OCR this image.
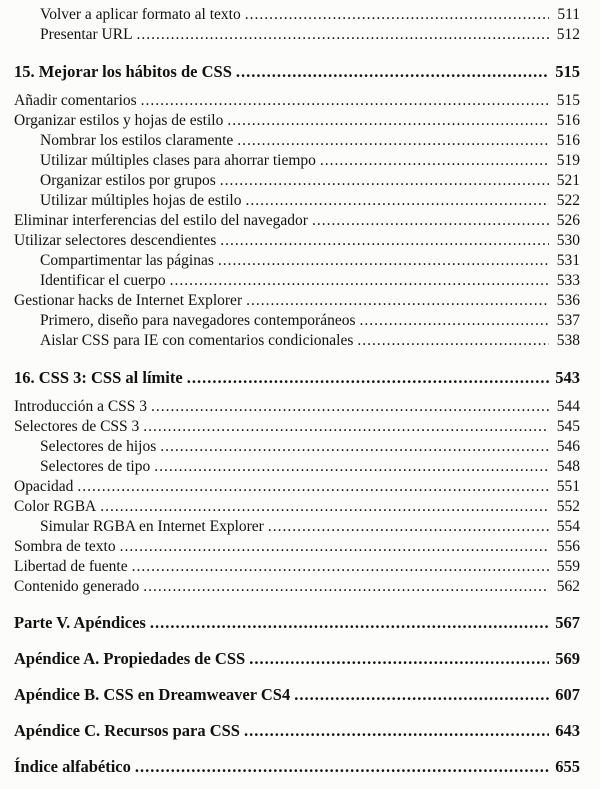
Volver a aplicar formato al texto .....	511
Presentar URL .....	512
15. Mejorar los hábitos de CSS .....	515
Añadir comentarios .....	515
Organizar estilos y hojas de estilo .....	516
Nombrar los estilos claramente .....	516
Utilizar múltiples clases para ahorrar tiempo .....	519
Organizar estilos por grupos .....	521
Utilizar múltiples hojas de estilo .....	522
Eliminar interferencias del estilo del navegador .....	526
Utilizar selectores descendientes .....	530
Compartimentar las páginas .....	531
Identificar el cuerpo .....	533
Gestionar hacks de Internet Explorer .....	536
Primero, diseño para navegadores contemporáneos .....	537
Aislar CSS para IE con comentarios condicionales .....	538
16. CSS 3: CSS al límite .....	543
Introducción a CSS 3 .....	544
Selectores de CSS 3 .....	545
Selectores de hijos .....	546
Selectores de tipo .....	548
Opacidad .....	551
Color RGBA .....	552
Simular RGBA en Internet Explorer .....	554
Sombra de texto .....	556
Libertad de fuente .....	559
Contenido generado .....	562
Parte V. Apéndices .....	567
Apéndice A. Propiedades de CSS .....	569
Apéndice B. CSS en Dreamweaver CS4 .....	607
Apéndice C. Recursos para CSS .....	643
Índice alfabético .....	655
